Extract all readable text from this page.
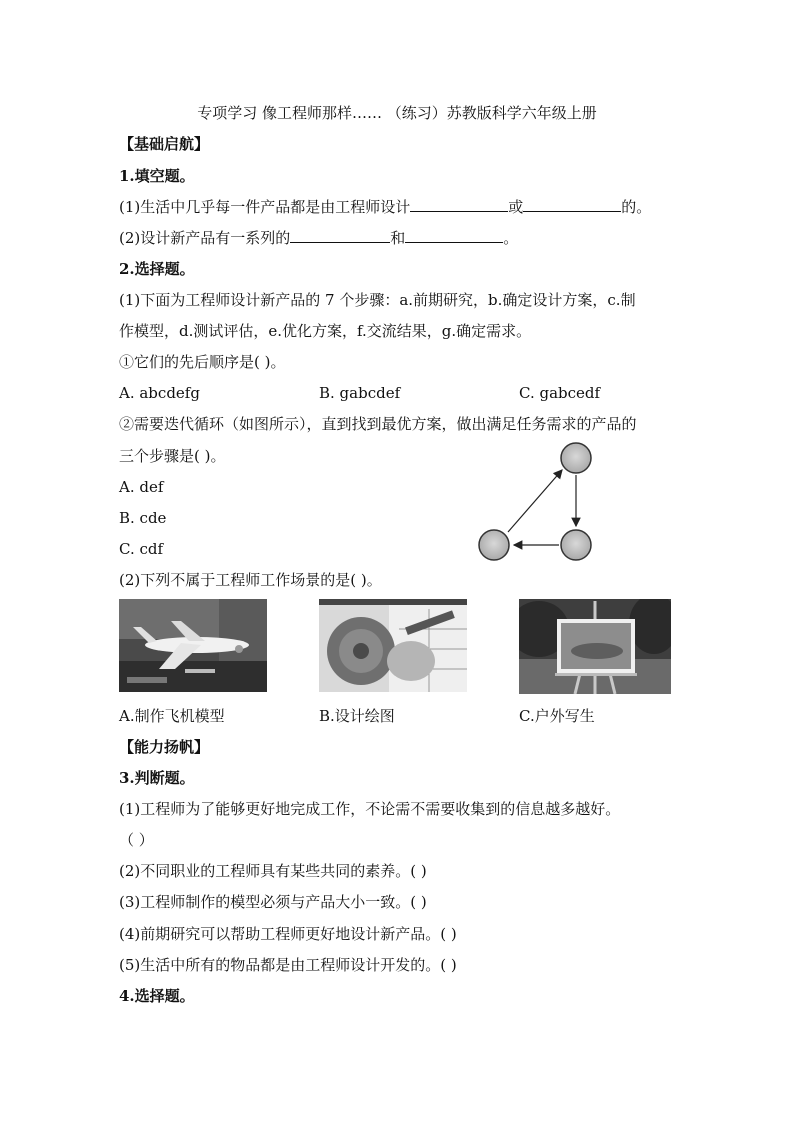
专项学习 像工程师那样…… （练习）苏教版科学六年级上册
【基础启航】
1.填空题。
(1)生活中几乎每一件产品都是由工程师设计	或	的。
(2)设计新产品有一系列的	和	。
2.选择题。
(1)下面为工程师设计新产品的 7 个步骤：a.前期研究，b.确定设计方案，c.制
作模型，d.测试评估，e.优化方案，f.交流结果，g.确定需求。
①它们的先后顺序是( )。
A. abcdefg	B. gabcdef	C. gabcedf
②需要迭代循环（如图所示），直到找到最优方案，做出满足任务需求的产品的
三个步骤是( )。
A. def
B. cde
C. cdf
(2)下列不属于工程师工作场景的是( )。
A.制作飞机模型	B.设计绘图	C.户外写生
【能力扬帆】
3.判断题。
(1)工程师为了能够更好地完成工作，不论需不需要收集到的信息越多越好。
（ ）
(2)不同职业的工程师具有某些共同的素养。( )
(3)工程师制作的模型必须与产品大小一致。( )
(4)前期研究可以帮助工程师更好地设计新产品。( )
(5)生活中所有的物品都是由工程师设计开发的。( )
4.选择题。
